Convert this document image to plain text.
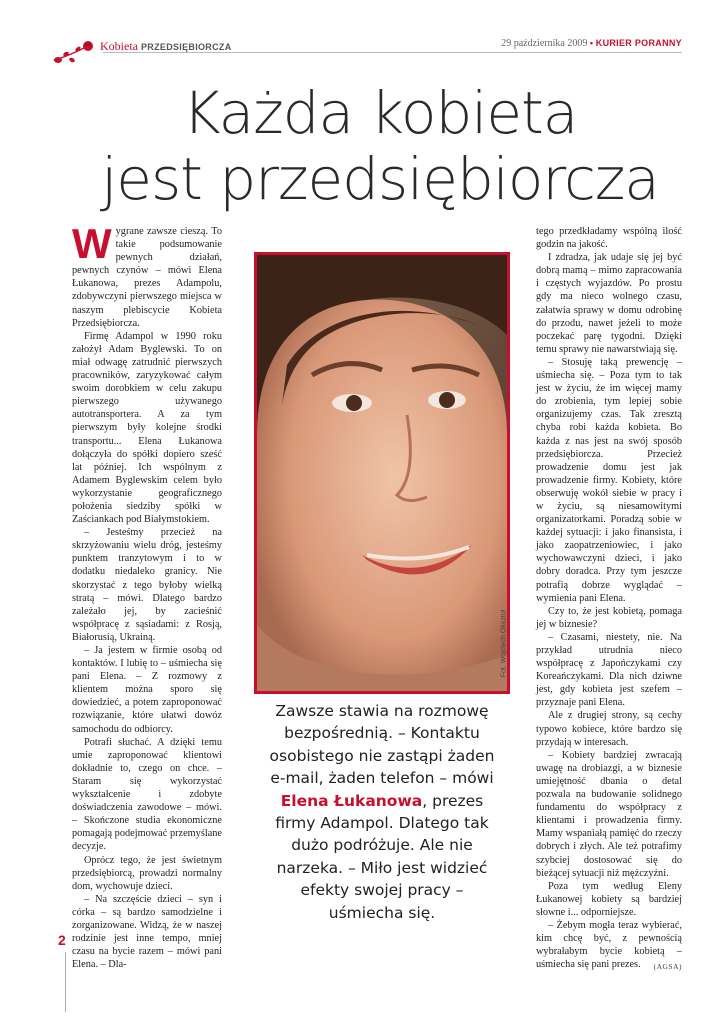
Kobieta PRZEDSIĘBIORCZA	29 października 2009 • KURIER PORANNY
Każda kobieta
jest przedsiębiorcza

Wygrane zawsze cieszą. To takie podsumowanie pewnych działań, pewnych czynów – mówi Elena Łukanowa, prezes Adampolu, zdobywczyni pierwszego miejsca w naszym plebiscycie Kobieta Przedsiębiorcza.

Firmę Adampol w 1990 roku założył Adam Byglewski. To on miał odwagę zatrudnić pierwszych pracowników, zaryzykować całym swoim dorobkiem w celu zakupu pierwszego używanego autotransportera. A za tym pierwszym były kolejne środki transportu... Elena Łukanowa dołączyła do spółki dopiero sześć lat później. Ich wspólnym z Adamem Byglewskim celem było wykorzystanie geograficznego położenia siedziby spółki w Zaściankach pod Białymstokiem.

– Jesteśmy przecież na skrzyżowaniu wielu dróg, jesteśmy punktem tranzytowym i to w dodatku niedaleko granicy. Nie skorzystać z tego byłoby wielką stratą – mówi. Dlatego bardzo zależało jej, by zacieśnić współpracę z sąsiadami: z Rosją, Białorusią, Ukrainą.

– Ja jestem w firmie osobą od kontaktów. I lubię to – uśmiecha się pani Elena. – Z rozmowy z klientem można sporo się dowiedzieć, a potem zaproponować rozwiązanie, które ułatwi dowóz samochodu do odbiorcy.

Potrafi słuchać. A dzięki temu umie zaproponować klientowi dokładnie to, czego on chce. – Staram się wykorzystać wykształcenie i zdobyte doświadczenia zawodowe – mówi. – Skończone studia ekonomiczne pomagają podejmować przemyślane decyzje.

Oprócz tego, że jest świetnym przedsiębiorcą, prowadzi normalny dom, wychowuje dzieci.

– Na szczęście dzieci – syn i córka – są bardzo samodzielne i zorganizowane. Widzą, że w naszej rodzinie jest inne tempo, mniej czasu na bycie razem – mówi pani Elena. – Dla-

Fot. Wojciech Oksztol
Zawsze stawia na rozmowę bezpośrednią. – Kontaktu osobistego nie zastąpi żaden e-mail, żaden telefon – mówi Elena Łukanowa, prezes firmy Adampol. Dlatego tak dużo podróżuje. Ale nie narzeka. – Miło jest widzieć efekty swojej pracy – uśmiecha się.

tego przedkładamy wspólną ilość godzin na jakość.

I zdradza, jak udaje się jej być dobrą mamą – mimo zapracowania i częstych wyjazdów. Po prostu gdy ma nieco wolnego czasu, załatwia sprawy w domu odrobinę do przodu, nawet jeżeli to może poczekać parę tygodni. Dzięki temu sprawy nie nawarstwiają się.

– Stosuję taką prewencję – uśmiecha się. – Poza tym to tak jest w życiu, że im więcej mamy do zrobienia, tym lepiej sobie organizujemy czas. Tak zresztą chyba robi każda kobieta. Bo każda z nas jest na swój sposób przedsiębiorcza. Przecież prowadzenie domu jest jak prowadzenie firmy. Kobiety, które obserwuję wokół siebie w pracy i w życiu, są niesamowitymi organizatorkami. Poradzą sobie w każdej sytuacji: i jako finansista, i jako zaopatrzeniowiec, i jako wychowawczyni dzieci, i jako dobry doradca. Przy tym jeszcze potrafią dobrze wyglądać – wymienia pani Elena.

Czy to, że jest kobietą, pomaga jej w biznesie?

– Czasami, niestety, nie. Na przykład utrudnia nieco współpracę z Japończykami czy Koreańczykami. Dla nich dziwne jest, gdy kobieta jest szefem – przyznaje pani Elena.

Ale z drugiej strony, są cechy typowo kobiece, które bardzo się przydają w interesach.

– Kobiety bardziej zwracają uwagę na drobiazgi, a w biznesie umiejętność dbania o detal pozwala na budowanie solidnego fundamentu do współpracy z klientami i prowadzenia firmy. Mamy wspaniałą pamięć do rzeczy dobrych i złych. Ale też potrafimy szybciej dostosować się do bieżącej sytuacji niż mężczyźni.

Poza tym według Eleny Łukanowej kobiety są bardziej słowne i... odporniejsze.

– Żebym mogła teraz wybierać, kim chcę być, z pewnością wybrałabym bycie kobietą – uśmiecha się pani prezes.	(AGSA)

2
